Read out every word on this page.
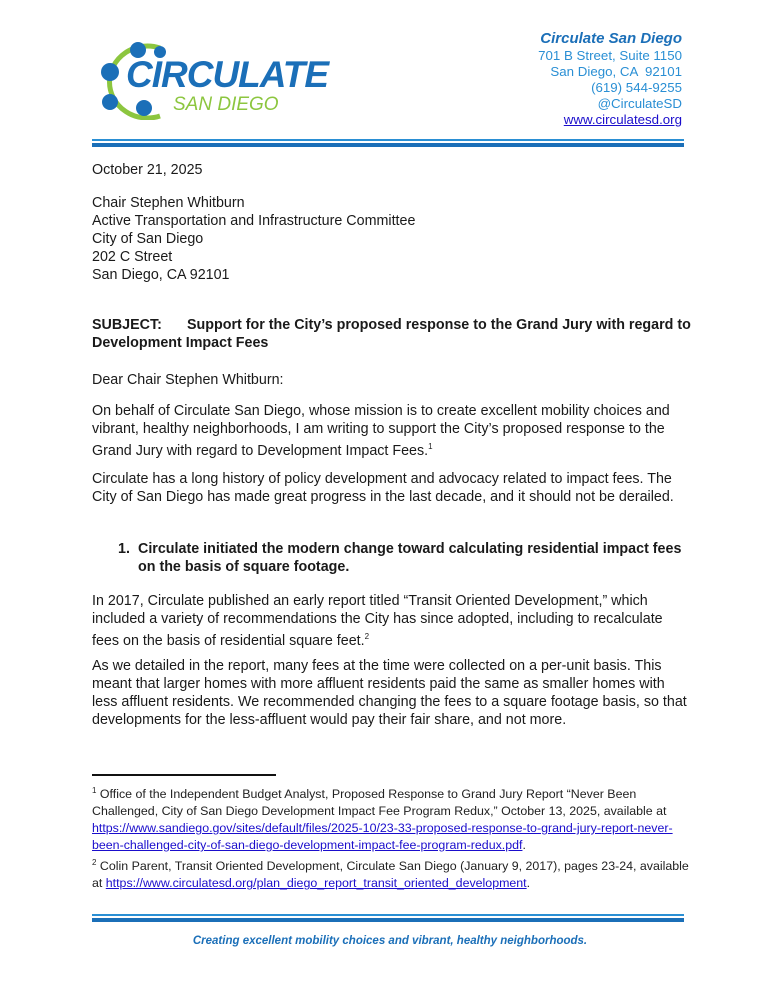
CIRCULATE
SAN DIEGO
Circulate San Diego
701 B Street, Suite 1150
San Diego, CA  92101
(619) 544-9255
@CirculateSD
www.circulatesd.org
October 21, 2025

Chair Stephen Whitburn

Active Transportation and Infrastructure Committee

City of San Diego

202 C Street

San Diego, CA 92101

SUBJECT: Support for the City’s proposed response to the Grand Jury with regard to

Development Impact Fees

Dear Chair Stephen Whitburn:
On behalf of Circulate San Diego, whose mission is to create excellent mobility choices and vibrant, healthy neighborhoods, I am writing to support the City’s proposed response to the Grand Jury with regard to Development Impact Fees.$^1$
Circulate has a long history of policy development and advocacy related to impact fees. The City of San Diego has made great progress in the last decade, and it should not be derailed.
1. Circulate initiated the modern change toward calculating residential impact fees on the basis of square footage.
In 2017, Circulate published an early report titled “Transit Oriented Development,” which included a variety of recommendations the City has since adopted, including to recalculate fees on the basis of residential square feet.$^2$
As we detailed in the report, many fees at the time were collected on a per-unit basis. This meant that larger homes with more affluent residents paid the same as smaller homes with less affluent residents. We recommended changing the fees to a square footage basis, so that developments for the less-affluent would pay their fair share, and not more.
$^1$ Office of the Independent Budget Analyst, Proposed Response to Grand Jury Report “Never Been Challenged, City of San Diego Development Impact Fee Program Redux,” October 13, 2025, available at https://www.sandiego.gov/sites/default/files/2025-10/23-33-proposed-response-to-grand-jury-report-never-been-challenged-city-of-san-diego-development-impact-fee-program-redux.pdf.
$^2$ Colin Parent, Transit Oriented Development, Circulate San Diego (January 9, 2017), pages 23-24, available at https://www.circulatesd.org/plan_diego_report_transit_oriented_development.
Creating excellent mobility choices and vibrant, healthy neighborhoods.
